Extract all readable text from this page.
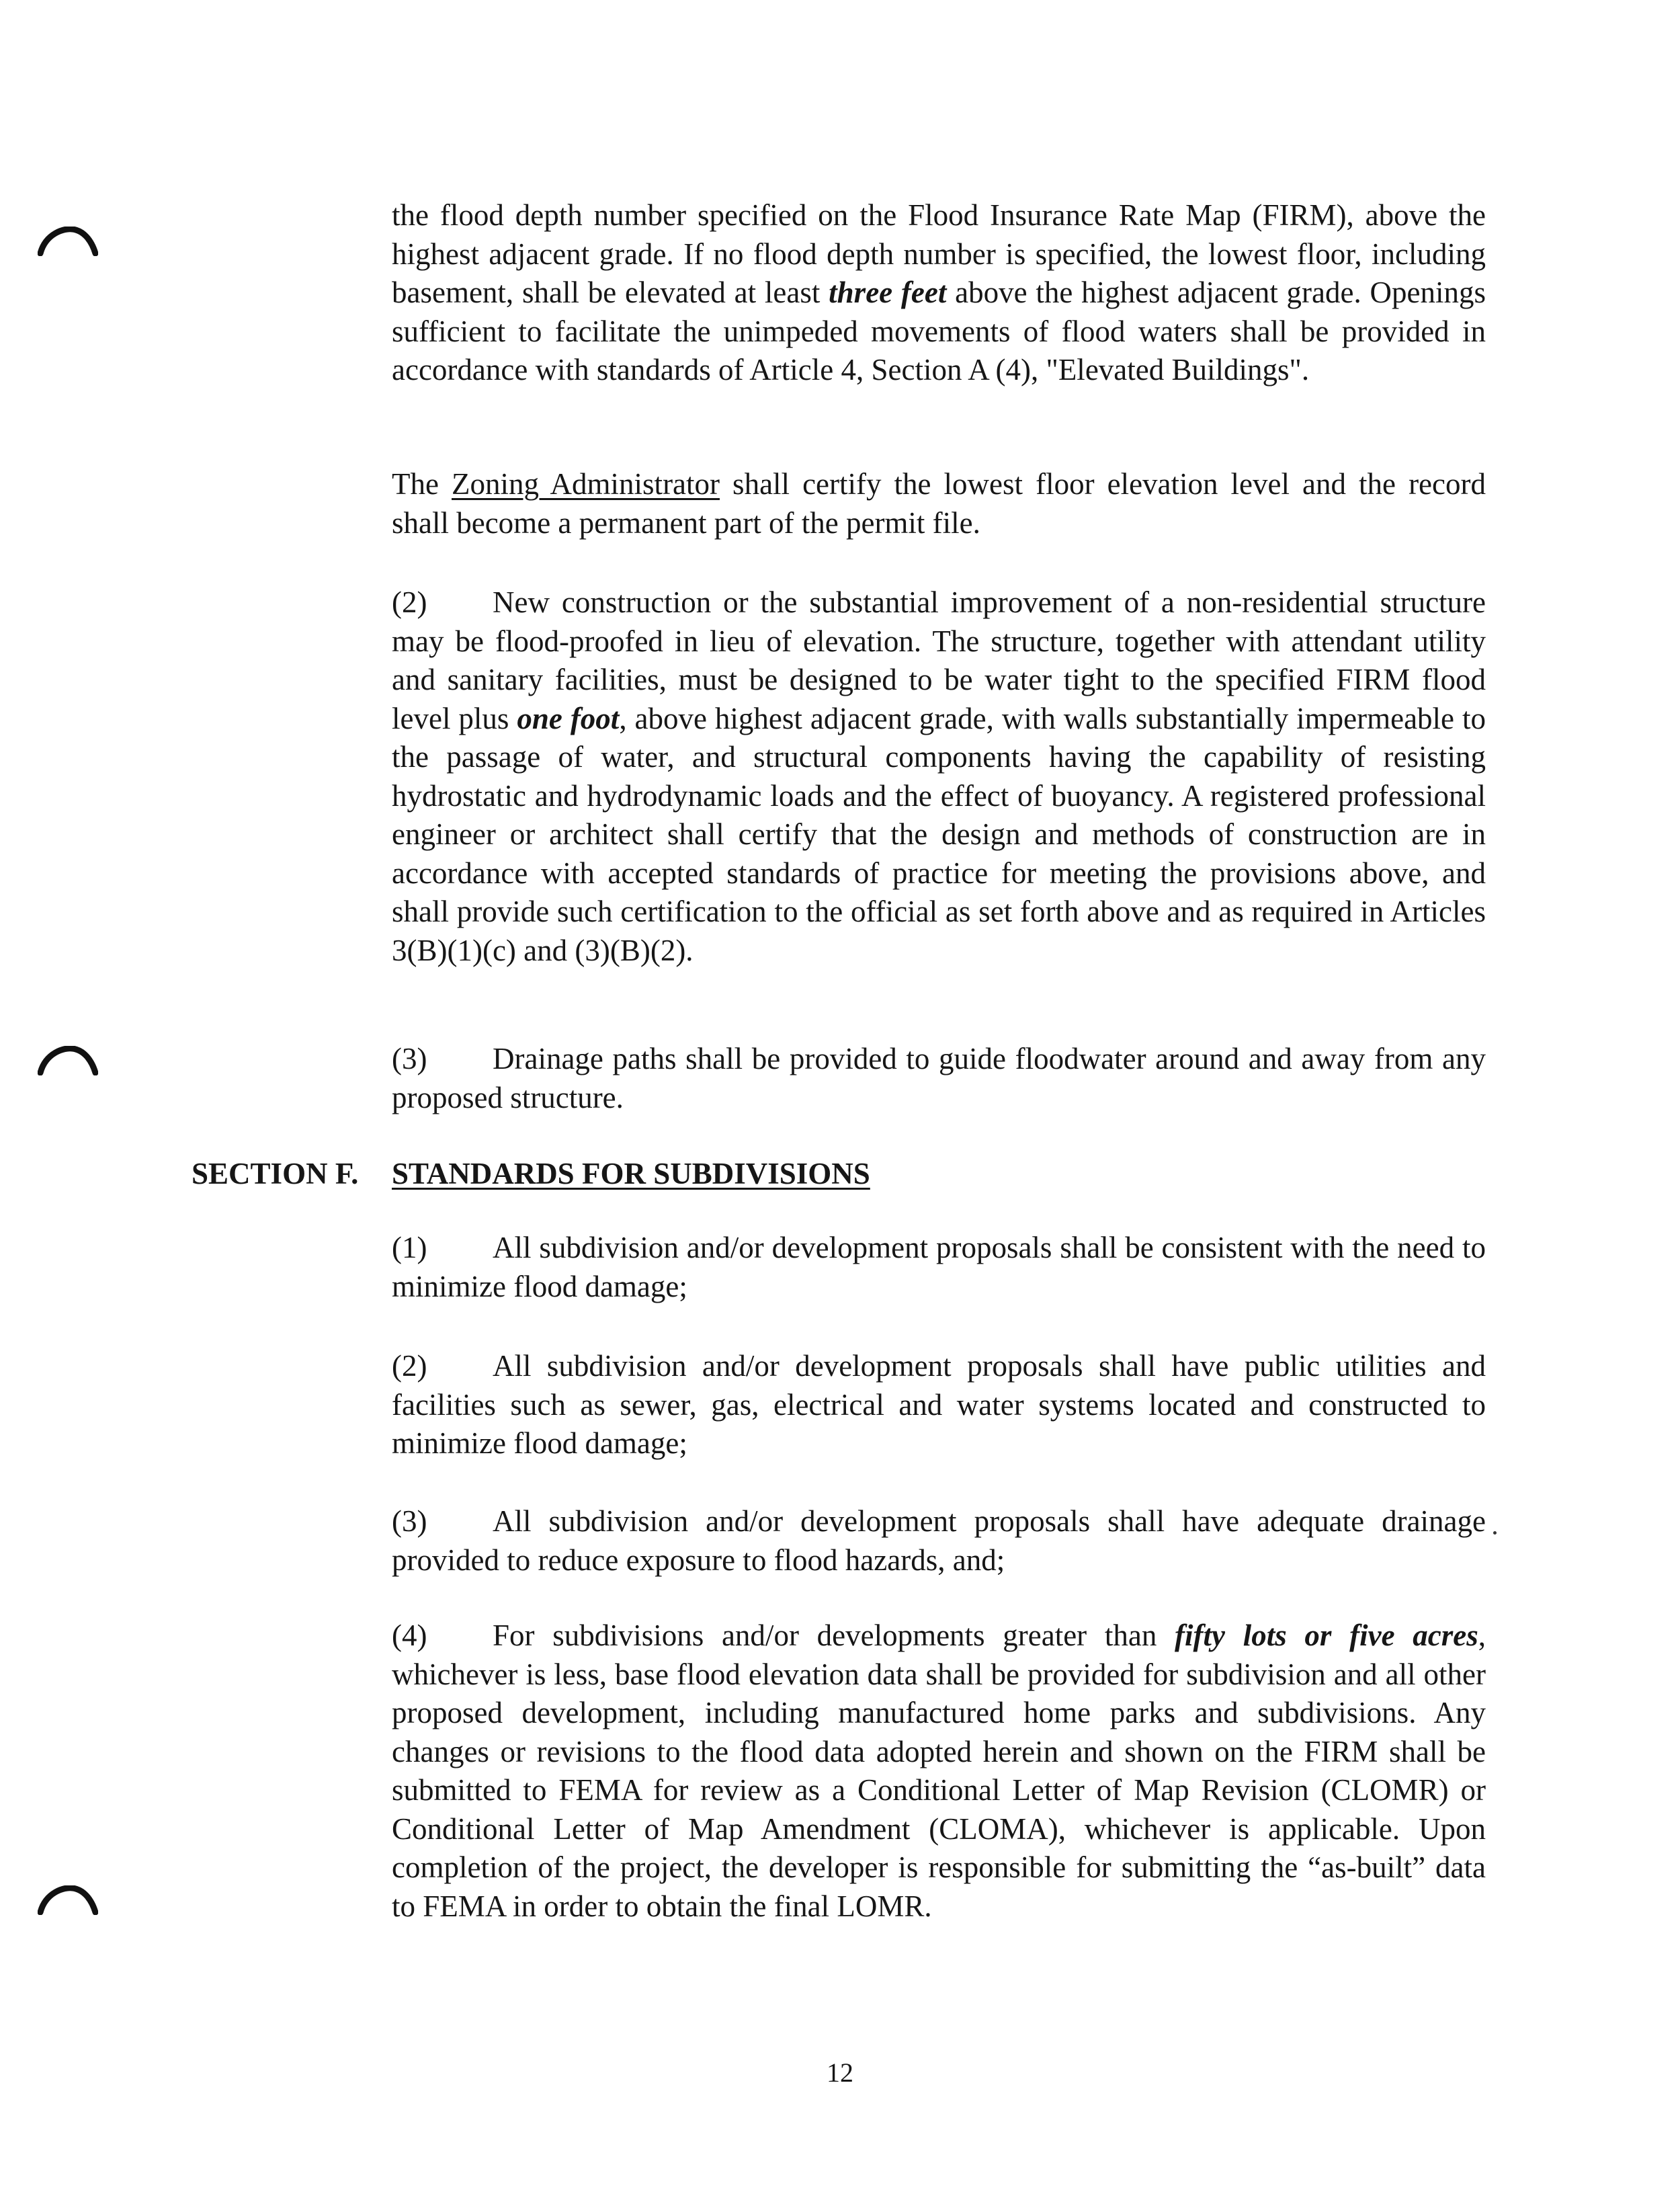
the flood depth number specified on the Flood Insurance Rate Map (FIRM), above the highest adjacent grade. If no flood depth number is specified, the lowest floor, including basement, shall be elevated at least three feet above the highest adjacent grade. Openings sufficient to facilitate the unimpeded movements of flood waters shall be provided in accordance with standards of Article 4, Section A (4), "Elevated Buildings".

The Zoning Administrator shall certify the lowest floor elevation level and the record shall become a permanent part of the permit file.

(2) New construction or the substantial improvement of a non-residential structure may be flood-proofed in lieu of elevation. The structure, together with attendant utility and sanitary facilities, must be designed to be water tight to the specified FIRM flood level plus one foot, above highest adjacent grade, with walls substantially impermeable to the passage of water, and structural components having the capability of resisting hydrostatic and hydrodynamic loads and the effect of buoyancy. A registered professional engineer or architect shall certify that the design and methods of construction are in accordance with accepted standards of practice for meeting the provisions above, and shall provide such certification to the official as set forth above and as required in Articles 3(B)(1)(c) and (3)(B)(2).

(3) Drainage paths shall be provided to guide floodwater around and away from any proposed structure.

SECTION F. STANDARDS FOR SUBDIVISIONS

(1) All subdivision and/or development proposals shall be consistent with the need to minimize flood damage;

(2) All subdivision and/or development proposals shall have public utilities and facilities such as sewer, gas, electrical and water systems located and constructed to minimize flood damage;

(3) All subdivision and/or development proposals shall have adequate drainage provided to reduce exposure to flood hazards, and;

(4) For subdivisions and/or developments greater than fifty lots or five acres, whichever is less, base flood elevation data shall be provided for subdivision and all other proposed development, including manufactured home parks and subdivisions. Any changes or revisions to the flood data adopted herein and shown on the FIRM shall be submitted to FEMA for review as a Conditional Letter of Map Revision (CLOMR) or Conditional Letter of Map Amendment (CLOMA), whichever is applicable. Upon completion of the project, the developer is responsible for submitting the “as-built” data to FEMA in order to obtain the final LOMR.

12
